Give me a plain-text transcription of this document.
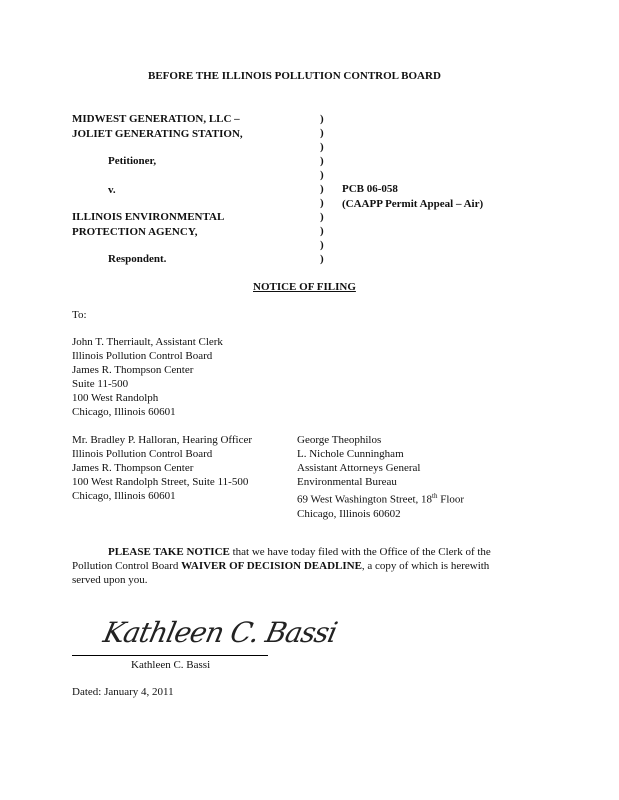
BEFORE THE ILLINOIS POLLUTION CONTROL BOARD
MIDWEST GENERATION, LLC –
JOLIET GENERATING STATION,
Petitioner,
v.
ILLINOIS ENVIRONMENTAL
PROTECTION AGENCY,
Respondent.
)
)
)
)
)
)
)
)
)
)
)
PCB 06-058
(CAAPP Permit Appeal – Air)
NOTICE OF FILING
To:
John T. Therriault, Assistant Clerk
Illinois Pollution Control Board
James R. Thompson Center
Suite 11-500
100 West Randolph
Chicago, Illinois 60601
Mr. Bradley P. Halloran, Hearing Officer
Illinois Pollution Control Board
James R. Thompson Center
100 West Randolph Street, Suite 11-500
Chicago, Illinois 60601
George Theophilos
L. Nichole Cunningham
Assistant Attorneys General
Environmental Bureau
69 West Washington Street, 18th Floor
Chicago, Illinois 60602
PLEASE TAKE NOTICE that we have today filed with the Office of the Clerk of the
Pollution Control Board WAIVER OF DECISION DEADLINE, a copy of which is herewith
served upon you.
Kathleen C. Bassi
Kathleen C. Bassi
Dated: January 4, 2011
